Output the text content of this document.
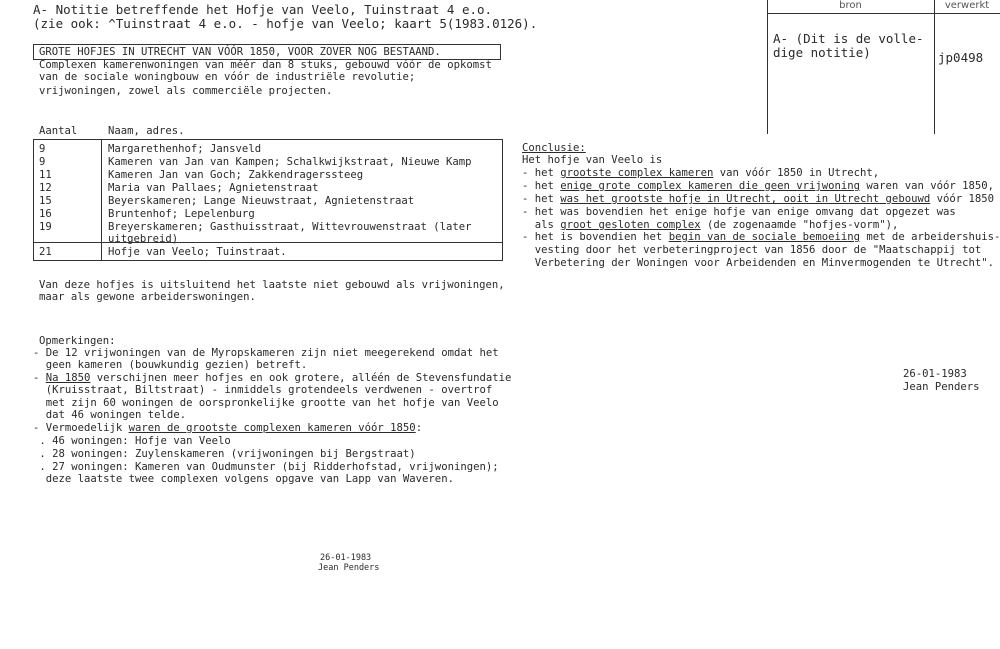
bron	verwerkt
A- (Dit is de volle-
dige notitie)	jp0498
A- Notitie betreffende het Hofje van Veelo, Tuinstraat 4 e.o.
(zie ook: ^Tuinstraat 4 e.o. - hofje van Veelo; kaart 5(1983.0126).
GROTE HOFJES IN UTRECHT VAN VÓÓR 1850, VOOR ZOVER NOG BESTAAND.
Complexen kamerenwoningen van méér dan 8 stuks, gebouwd vóór de opkomst
van de sociale woningbouw en vóór de industriële revolutie;
vrijwoningen, zowel als commerciële projecten.
Aantal	Naam, adres.
9	Margarethenhof; Jansveld
9	Kameren van Jan van Kampen; Schalkwijkstraat, Nieuwe Kamp
11	Kameren Jan van Goch; Zakkendragerssteeg
12	Maria van Pallaes; Agnietenstraat
15	Beyerskameren; Lange Nieuwstraat, Agnietenstraat
16	Bruntenhof; Lepelenburg
19	Breyerskameren; Gasthuisstraat, Wittevrouwenstraat (later
uitgebreid)
21	Hofje van Veelo; Tuinstraat.
Van deze hofjes is uitsluitend het laatste niet gebouwd als vrijwoningen,
maar als gewone arbeiderswoningen.
Opmerkingen:
- De 12 vrijwoningen van de Myropskameren zijn niet meegerekend omdat het
geen kameren (bouwkundig gezien) betreft.
- Na 1850 verschijnen meer hofjes en ook grotere, alléén de Stevensfundatie
(Kruisstraat, Biltstraat) - inmiddels grotendeels verdwenen - overtrof
met zijn 60 woningen de oorspronkelijke grootte van het hofje van Veelo
dat 46 woningen telde.
- Vermoedelijk waren de grootste complexen kameren vóór 1850:
. 46 woningen: Hofje van Veelo
. 28 woningen: Zuylenskameren (vrijwoningen bij Bergstraat)
. 27 woningen: Kameren van Oudmunster (bij Ridderhofstad, vrijwoningen);
deze laatste twee complexen volgens opgave van Lapp van Waveren.
Conclusie:
Het hofje van Veelo is
- het grootste complex kameren van vóór 1850 in Utrecht,
- het enige grote complex kameren die geen vrijwoning waren van vóór 1850,
- het was het grootste hofje in Utrecht, ooit in Utrecht gebouwd vóór 1850
- het was bovendien het enige hofje van enige omvang dat opgezet was
als groot gesloten complex (de zogenaamde "hofjes-vorm"),
- het is bovendien het begin van de sociale bemoeiing met de arbeidershuis-
vesting door het verbeteringproject van 1856 door de "Maatschappij tot
Verbetering der Woningen voor Arbeidenden en Minvermogenden te Utrecht".
26-01-1983
Jean Penders
26-01-1983
Jean Penders
